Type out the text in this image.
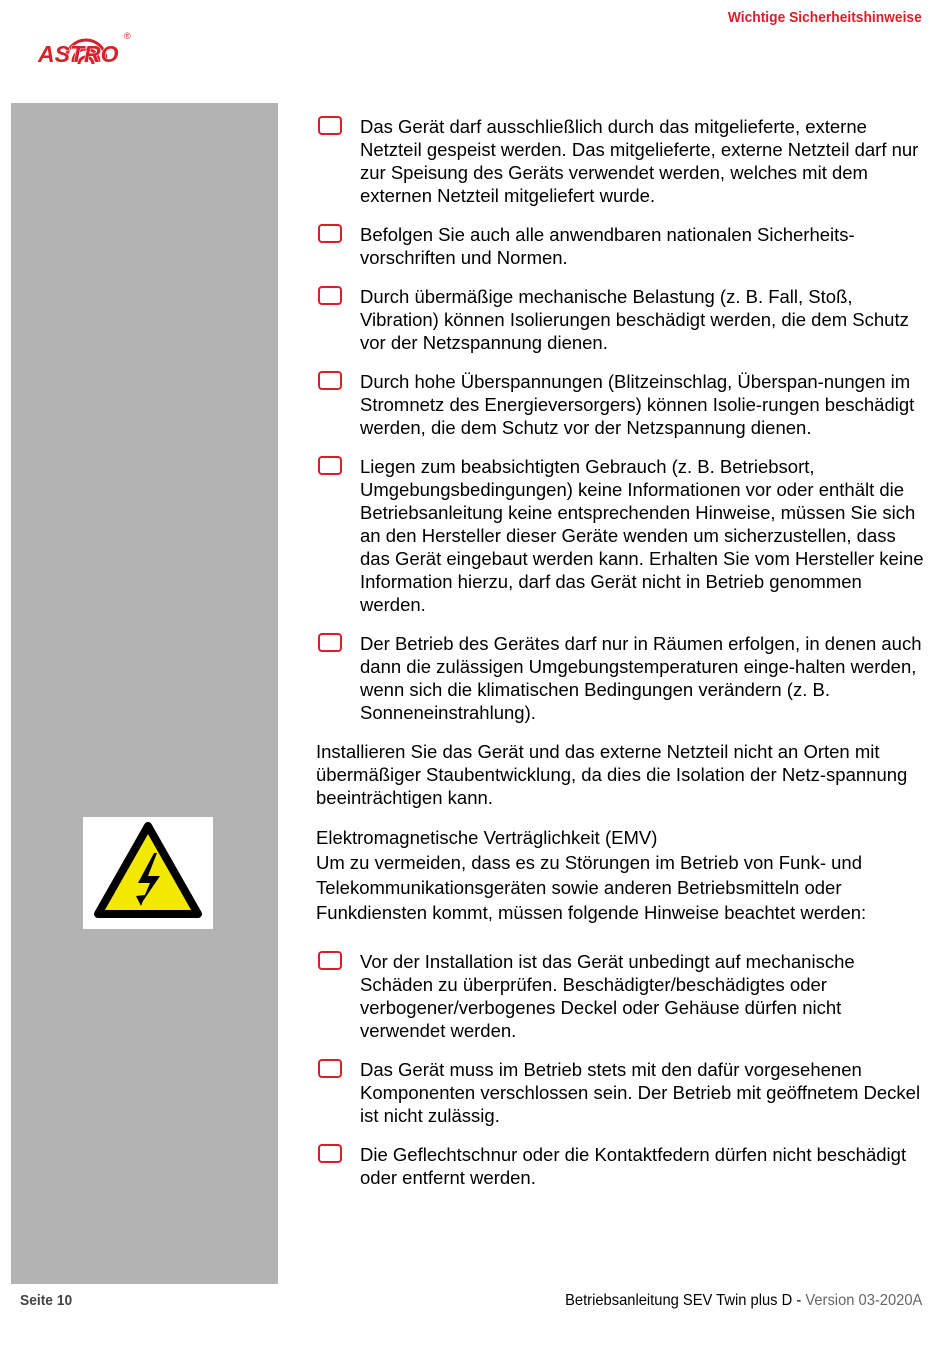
Wichtige Sicherheitshinweise
ASTRO
®
Das Gerät darf ausschließlich durch das mitgelieferte, externe Netzteil gespeist werden. Das mitgelieferte, externe Netzteil darf nur zur Speisung des Geräts verwendet werden, welches mit dem externen Netzteil mitgeliefert wurde.
Befolgen Sie auch alle anwendbaren nationalen Sicherheits-vorschriften und Normen.
Durch übermäßige mechanische Belastung (z. B. Fall, Stoß, Vibration) können Isolierungen beschädigt werden, die dem Schutz vor der Netzspannung dienen.
Durch hohe Überspannungen (Blitzeinschlag, Überspan-nungen im Stromnetz des Energieversorgers) können Isolie-rungen beschädigt werden, die dem Schutz vor der Netzspannung dienen.
Liegen zum beabsichtigten Gebrauch (z. B. Betriebsort, Umgebungsbedingungen) keine Informationen vor oder enthält die Betriebsanleitung keine entsprechenden Hinweise, müssen Sie sich an den Hersteller dieser Geräte wenden um sicherzustellen, dass das Gerät eingebaut werden kann. Erhalten Sie vom Hersteller keine Information hierzu, darf das Gerät nicht in Betrieb genommen werden.
Der Betrieb des Gerätes darf nur in Räumen erfolgen, in denen auch dann die zulässigen Umgebungstemperaturen einge-halten werden, wenn sich die klimatischen Bedingungen verändern (z. B. Sonneneinstrahlung).

Installieren Sie das Gerät und das externe Netzteil nicht an Orten mit übermäßiger Staubentwicklung, da dies die Isolation der Netz-spannung beeinträchtigen kann.

Elektromagnetische Verträglichkeit (EMV)
Um zu vermeiden, dass es zu Störungen im Betrieb von Funk- und Telekommunikationsgeräten sowie anderen Betriebsmitteln oder Funkdiensten kommt, müssen folgende Hinweise beachtet werden:
Vor der Installation ist das Gerät unbedingt auf mechanische Schäden zu überprüfen. Beschädigter/beschädigtes oder verbogener/verbogenes Deckel oder Gehäuse dürfen nicht verwendet werden.
Das Gerät muss im Betrieb stets mit den dafür vorgesehenen Komponenten verschlossen sein. Der Betrieb mit geöffnetem Deckel ist nicht zulässig.
Die Geflechtschnur oder die Kontaktfedern dürfen nicht beschädigt oder entfernt werden.
Seite 10	Betriebsanleitung SEV Twin plus D - Version 03-2020A
